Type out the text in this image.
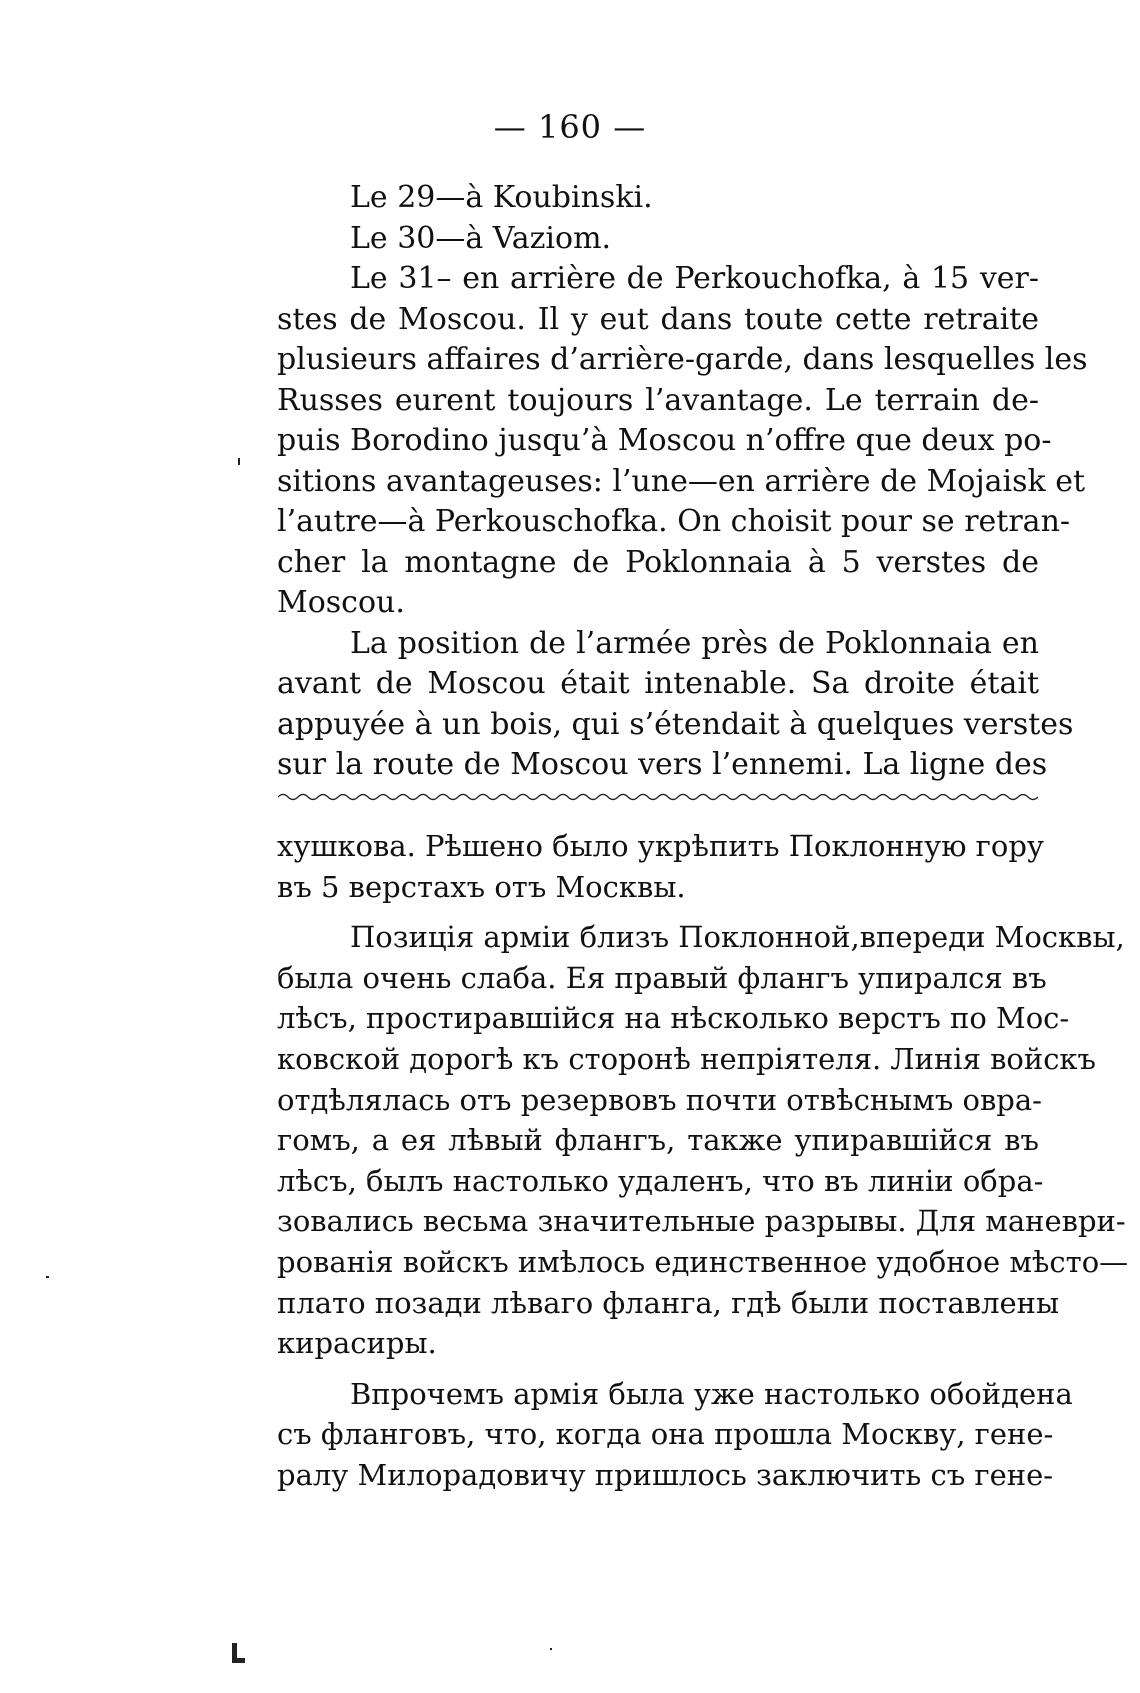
— 160 —

Le 29—à Koubinski.
Le 30—à Vaziom.

Le 31– en arrière de Perkouchofka, à 15 ver-
stes de Moscou. Il y eut dans toute cette retraite
plusieurs affaires d’arrière-garde, dans lesquelles les
Russes eurent toujours l’avantage. Le terrain de-
puis Borodino jusqu’à Moscou n’offre que deux po-
sitions avantageuses: l’une—en arrière de Mojaisk et
l’autre—à Perkouschofka. On choisit pour se retran-
cher la montagne de Poklonnaia à 5 verstes de
Moscou.

La position de l’armée près de Poklonnaia en
avant de Moscou était intenable. Sa droite était
appuyée à un bois, qui s’étendait à quelques verstes
sur la route de Moscou vers l’ennemi. La ligne des

хушкова. Рѣшено было укрѣпить Поклонную гору
въ 5 верстахъ отъ Москвы.

Позиція арміи близъ Поклонной,впереди Москвы,
была очень слаба. Ея правый флангъ упирался въ
лѣсъ, простиравшійся на нѣсколько верстъ по Мос-
ковской дорогѣ къ сторонѣ непріятеля. Линія войскъ
отдѣлялась отъ резервовъ почти отвѣснымъ овра-
гомъ, а ея лѣвый флангъ, также упиравшійся въ
лѣсъ, былъ настолько удаленъ, что въ линіи обра-
зовались весьма значительные разрывы. Для маневри-
рованія войскъ имѣлось единственное удобное мѣсто—
плато позади лѣваго фланга, гдѣ были поставлены
кирасиры.

Впрочемъ армія была уже настолько обойдена
съ фланговъ, что, когда она прошла Москву, гене-
ралу Милорадовичу пришлось заключить съ гене-
